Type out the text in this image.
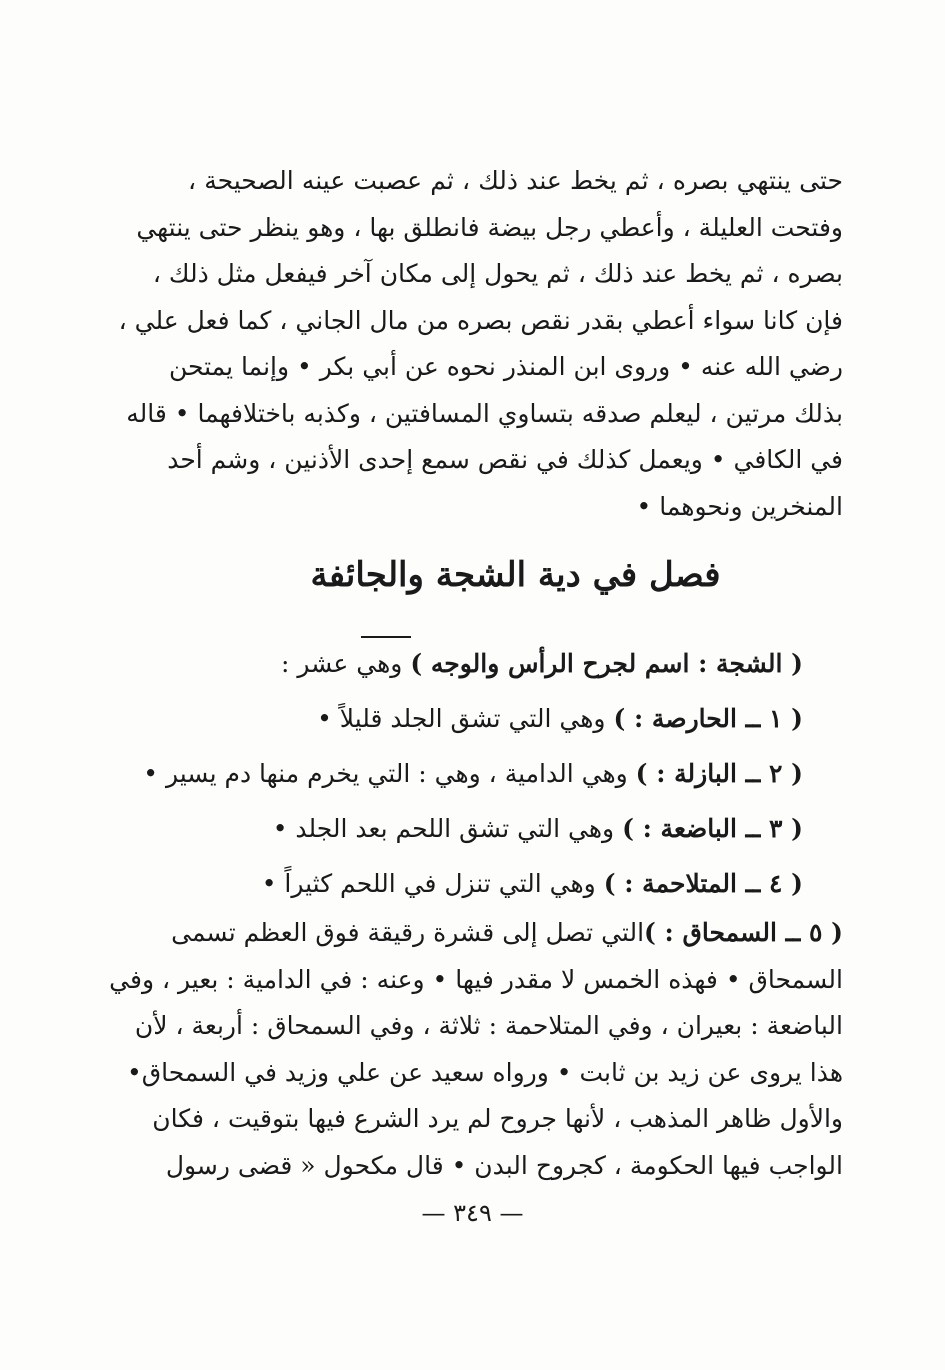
حتى ينتهي بصره ، ثم يخط عند ذلك ، ثم عصبت عينه الصحيحة ،
وفتحت العليلة ، وأعطي رجل بيضة فانطلق بها ، وهو ينظر حتى ينتهي
بصره ، ثم يخط عند ذلك ، ثم يحول إلى مكان آخر فيفعل مثل ذلك ،
فإن كانا سواء أعطي بقدر نقص بصره من مال الجاني ، كما فعل علي ،
رضي الله عنه • وروى ابن المنذر نحوه عن أبي بكر • وإنما يمتحن
بذلك مرتين ، ليعلم صدقه بتساوي المسافتين ، وكذبه باختلافهما • قاله
في الكافي • ويعمل كذلك في نقص سمع إحدى الأذنين ، وشم أحد
المنخرين ونحوهما •

فصل في دية الشجة والجائفة
( الشجة : اسم لجرح الرأس والوجه ) وهي عشر :
( ١ ــ الحارصة : ) وهي التي تشق الجلد قليلاً •
( ٢ ــ البازلة : ) وهي الدامية ، وهي : التي يخرم منها دم يسير •
( ٣ ــ الباضعة : ) وهي التي تشق اللحم بعد الجلد •
( ٤ ــ المتلاحمة : ) وهي التي تنزل في اللحم كثيراً •

( ٥ ــ السمحاق : )التي تصل إلى قشرة رقيقة فوق العظم تسمى
السمحاق • فهذه الخمس لا مقدر فيها • وعنه : في الدامية : بعير ، وفي
الباضعة : بعيران ، وفي المتلاحمة : ثلاثة ، وفي السمحاق : أربعة ، لأن
هذا يروى عن زيد بن ثابت • ورواه سعيد عن علي وزيد في السمحاق•
والأول ظاهر المذهب ، لأنها جروح لم يرد الشرع فيها بتوقيت ، فكان
الواجب فيها الحكومة ، كجروح البدن • قال مكحول « قضى رسول

— ٣٤٩ —
